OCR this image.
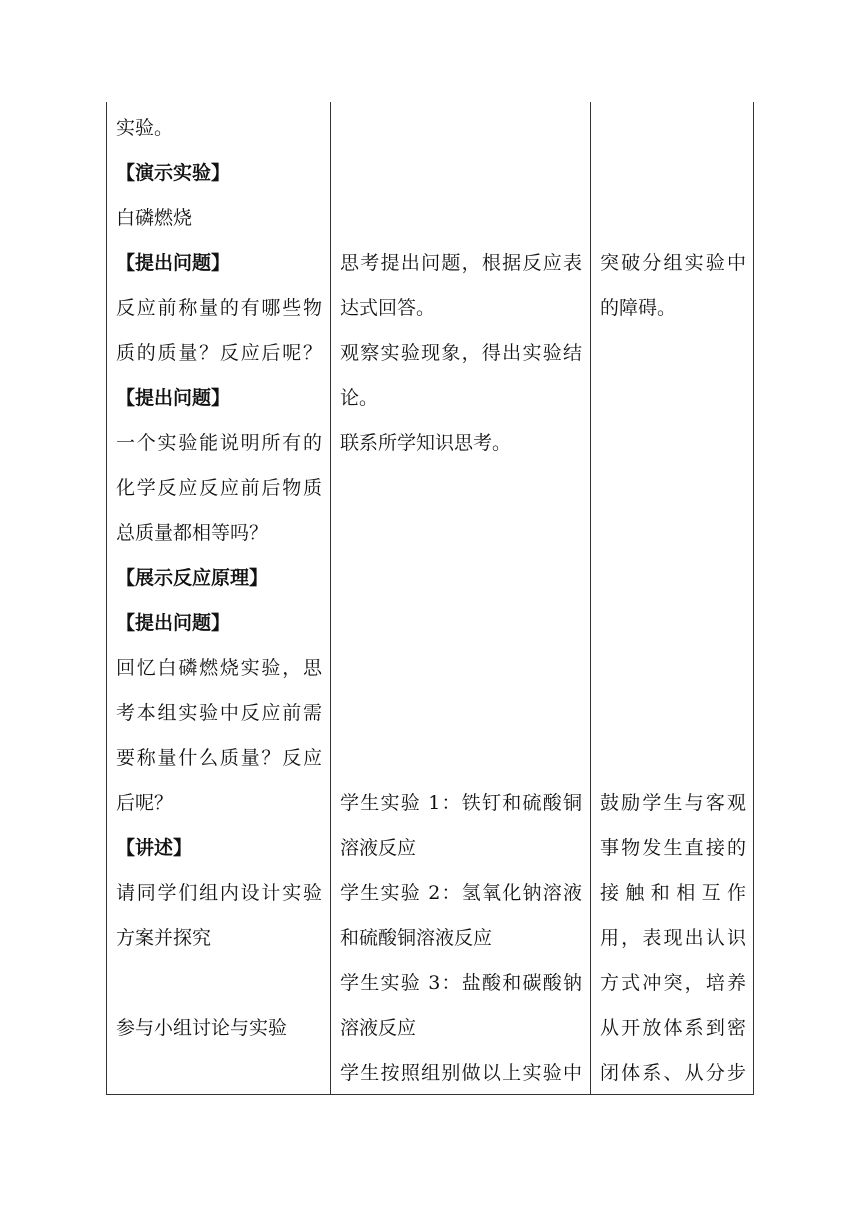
实验。
【演示实验】
白磷燃烧
【提出问题】
反应前称量的有哪些物
质的质量？反应后呢？
【提出问题】
一个实验能说明所有的
化学反应反应前后物质
总质量都相等吗？
【展示反应原理】
【提出问题】
回忆白磷燃烧实验，思
考本组实验中反应前需
要称量什么质量？反应
后呢？
【讲述】
请同学们组内设计实验
方案并探究
参与小组讨论与实验
思考提出问题，根据反应表
达式回答。
观察实验现象，得出实验结
论。
联系所学知识思考。
学生实验 1：铁钉和硫酸铜
溶液反应
学生实验 2：氢氧化钠溶液
和硫酸铜溶液反应
学生实验 3：盐酸和碳酸钠
溶液反应
学生按照组别做以上实验中
突破分组实验中
的障碍。
鼓励学生与客观
事物发生直接的
接触和相互作
用，表现出认识
方式冲突，培养
从开放体系到密
闭体系、从分步
